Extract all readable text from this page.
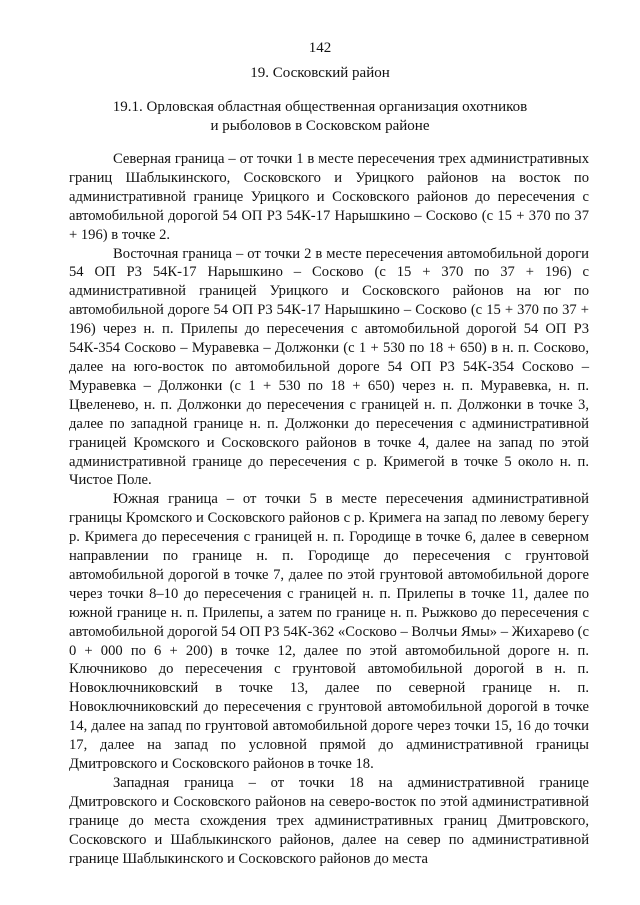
142
19. Сосковский район
19.1. Орловская областная общественная организация охотников
и рыболовов в Сосковском районе

Северная граница – от точки 1 в месте пересечения трех административных границ Шаблыкинского, Сосковского и Урицкого районов на восток по административной границе Урицкого и Сосковского районов до пересечения с автомобильной дорогой 54 ОП Р3 54К-17 Нарышкино – Сосково (с 15 + 370 по 37 + 196) в точке 2.

Восточная граница – от точки 2 в месте пересечения автомобильной дороги 54 ОП Р3 54К-17 Нарышкино – Сосково (с 15 + 370 по 37 + 196) с административной границей Урицкого и Сосковского районов на юг по автомобильной дороге 54 ОП Р3 54К-17 Нарышкино – Сосково (с 15 + 370 по 37 + 196) через н. п. Прилепы до пересечения с автомобильной дорогой 54 ОП Р3 54К-354 Сосково – Муравевка – Должонки (с 1 + 530 по 18 + 650) в н. п. Сосково, далее на юго-восток по автомобильной дороге 54 ОП Р3 54К-354 Сосково – Муравевка – Должонки (с 1 + 530 по 18 + 650) через н. п. Муравевка, н. п. Цвеленево, н. п. Должонки до пересечения с границей н. п. Должонки в точке 3, далее по западной границе н. п. Должонки до пересечения с административной границей Кромского и Сосковского районов в точке 4, далее на запад по этой административной границе до пересечения с р. Кримегой в точке 5 около н. п. Чистое Поле.

Южная граница – от точки 5 в месте пересечения административной границы Кромского и Сосковского районов с р. Кримега на запад по левому берегу р. Кримега до пересечения с границей н. п. Городище в точке 6, далее в северном направлении по границе н. п. Городище до пересечения с грунтовой автомобильной дорогой в точке 7, далее по этой грунтовой автомобильной дороге через точки 8–10 до пересечения с границей н. п. Прилепы в точке 11, далее по южной границе н. п. Прилепы, а затем по границе н. п. Рыжково до пересечения с автомобильной дорогой 54 ОП Р3 54К-362 «Сосково – Волчьи Ямы» – Жихарево (с 0 + 000 по 6 + 200) в точке 12, далее по этой автомобильной дороге н. п. Ключниково до пересечения с грунтовой автомобильной дорогой в н. п. Новоключниковский в точке 13, далее по северной границе н. п. Новоключниковский до пересечения с грунтовой автомобильной дорогой в точке 14, далее на запад по грунтовой автомобильной дороге через точки 15, 16 до точки 17, далее на запад по условной прямой до административной границы Дмитровского и Сосковского районов в точке 18.

Западная граница – от точки 18 на административной границе Дмитровского и Сосковского районов на северо-восток по этой административной границе до места схождения трех административных границ Дмитровского, Сосковского и Шаблыкинского районов, далее на север по административной границе Шаблыкинского и Сосковского районов до места
